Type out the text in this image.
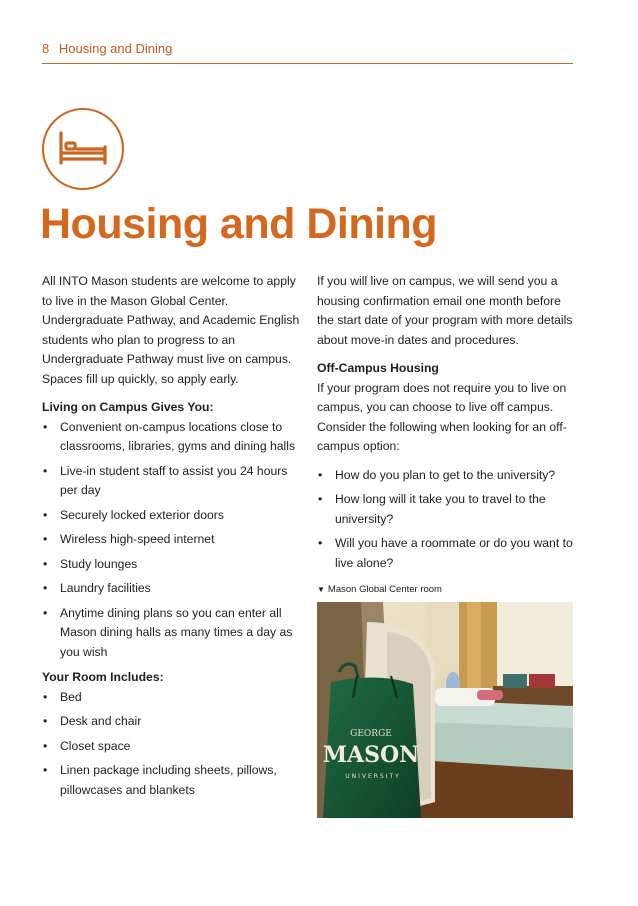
8 Housing and Dining
Housing and Dining

All INTO Mason students are welcome to apply to live in the Mason Global Center. Undergraduate Pathway, and Academic English students who plan to progress to an Undergraduate Pathway must live on campus. Spaces fill up quickly, so apply early.

Living on Campus Gives You:
• Convenient on-campus locations close to classrooms, libraries, gyms and dining halls
• Live-in student staff to assist you 24 hours per day
• Securely locked exterior doors
• Wireless high-speed internet
• Study lounges
• Laundry facilities
• Anytime dining plans so you can enter all Mason dining halls as many times a day as you wish
Your Room Includes:
• Bed
• Desk and chair
• Closet space
• Linen package including sheets, pillows, pillowcases and blankets

If you will live on campus, we will send you a housing confirmation email one month before the start date of your program with more details about move-in dates and procedures.

Off-Campus Housing

If your program does not require you to live on campus, you can choose to live off campus. Consider the following when looking for an off-campus option:

• How do you plan to get to the university?
• How long will it take you to travel to the university?
• Will you have a roommate or do you want to live alone?
▼ Mason Global Center room
GEORGE
MASON
UNIVERSITY
